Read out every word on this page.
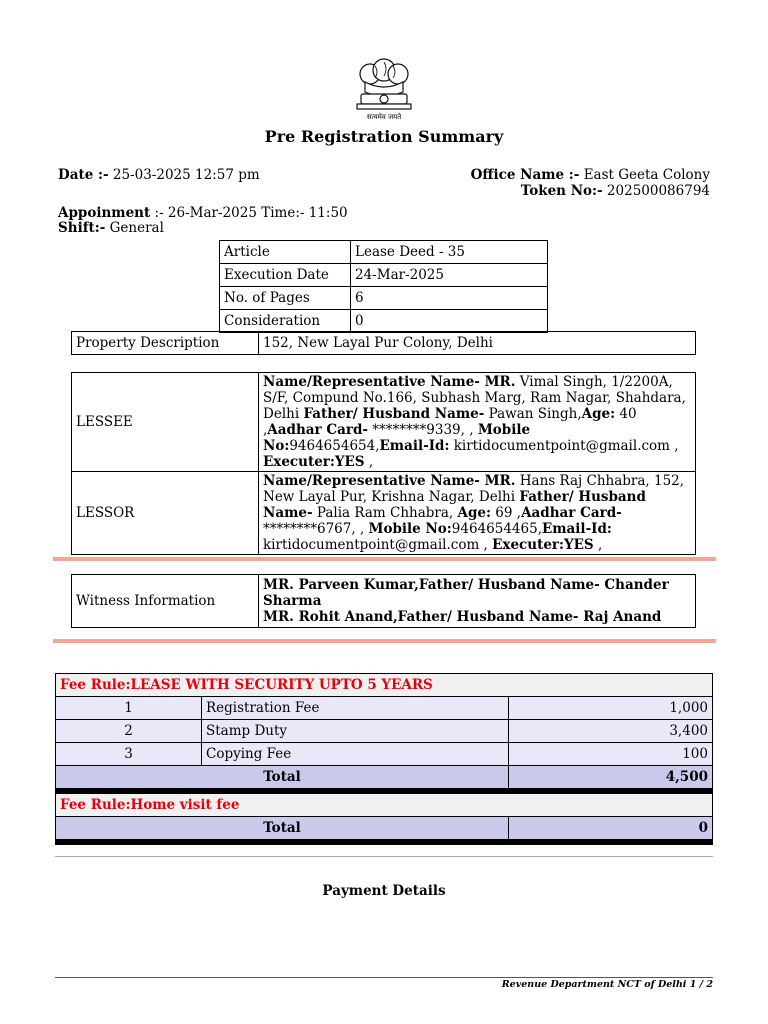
सत्यमेव जयते
Pre Registration Summary
Date :- 25-03-2025 12:57 pm	Office Name :- East Geeta Colony
Token No:- 202500086794
Appoinment :- 26-Mar-2025 Time:- 11:50
Shift:- General
Article	Lease Deed - 35
Execution Date	24-Mar-2025
No. of Pages	6
Consideration	0
Property Description	152, New Layal Pur Colony, Delhi
LESSEE	Name/Representative Name- MR. Vimal Singh, 1/2200A, S/F, Compund No.166, Subhash Marg, Ram Nagar, Shahdara, Delhi Father/ Husband Name- Pawan Singh,Age: 40 ,Aadhar Card- ********9339, , Mobile No:9464654654,Email-Id: kirtidocumentpoint@gmail.com , Executer:YES ,
LESSOR	Name/Representative Name- MR. Hans Raj Chhabra, 152, New Layal Pur, Krishna Nagar, Delhi Father/ Husband Name- Palia Ram Chhabra, Age: 69 ,Aadhar Card- ********6767, , Mobile No:9464654465,Email-Id: kirtidocumentpoint@gmail.com , Executer:YES ,
Witness Information	MR. Parveen Kumar,Father/ Husband Name- Chander Sharma
MR. Rohit Anand,Father/ Husband Name- Raj Anand
Fee Rule:LEASE WITH SECURITY UPTO 5 YEARS		
1	Registration Fee	1,000
2	Stamp Duty	3,400
3	Copying Fee	100
Total		4,500

Fee Rule:Home visit fee		
Total		0

Payment Details
Revenue Department NCT of Delhi 1 / 2
